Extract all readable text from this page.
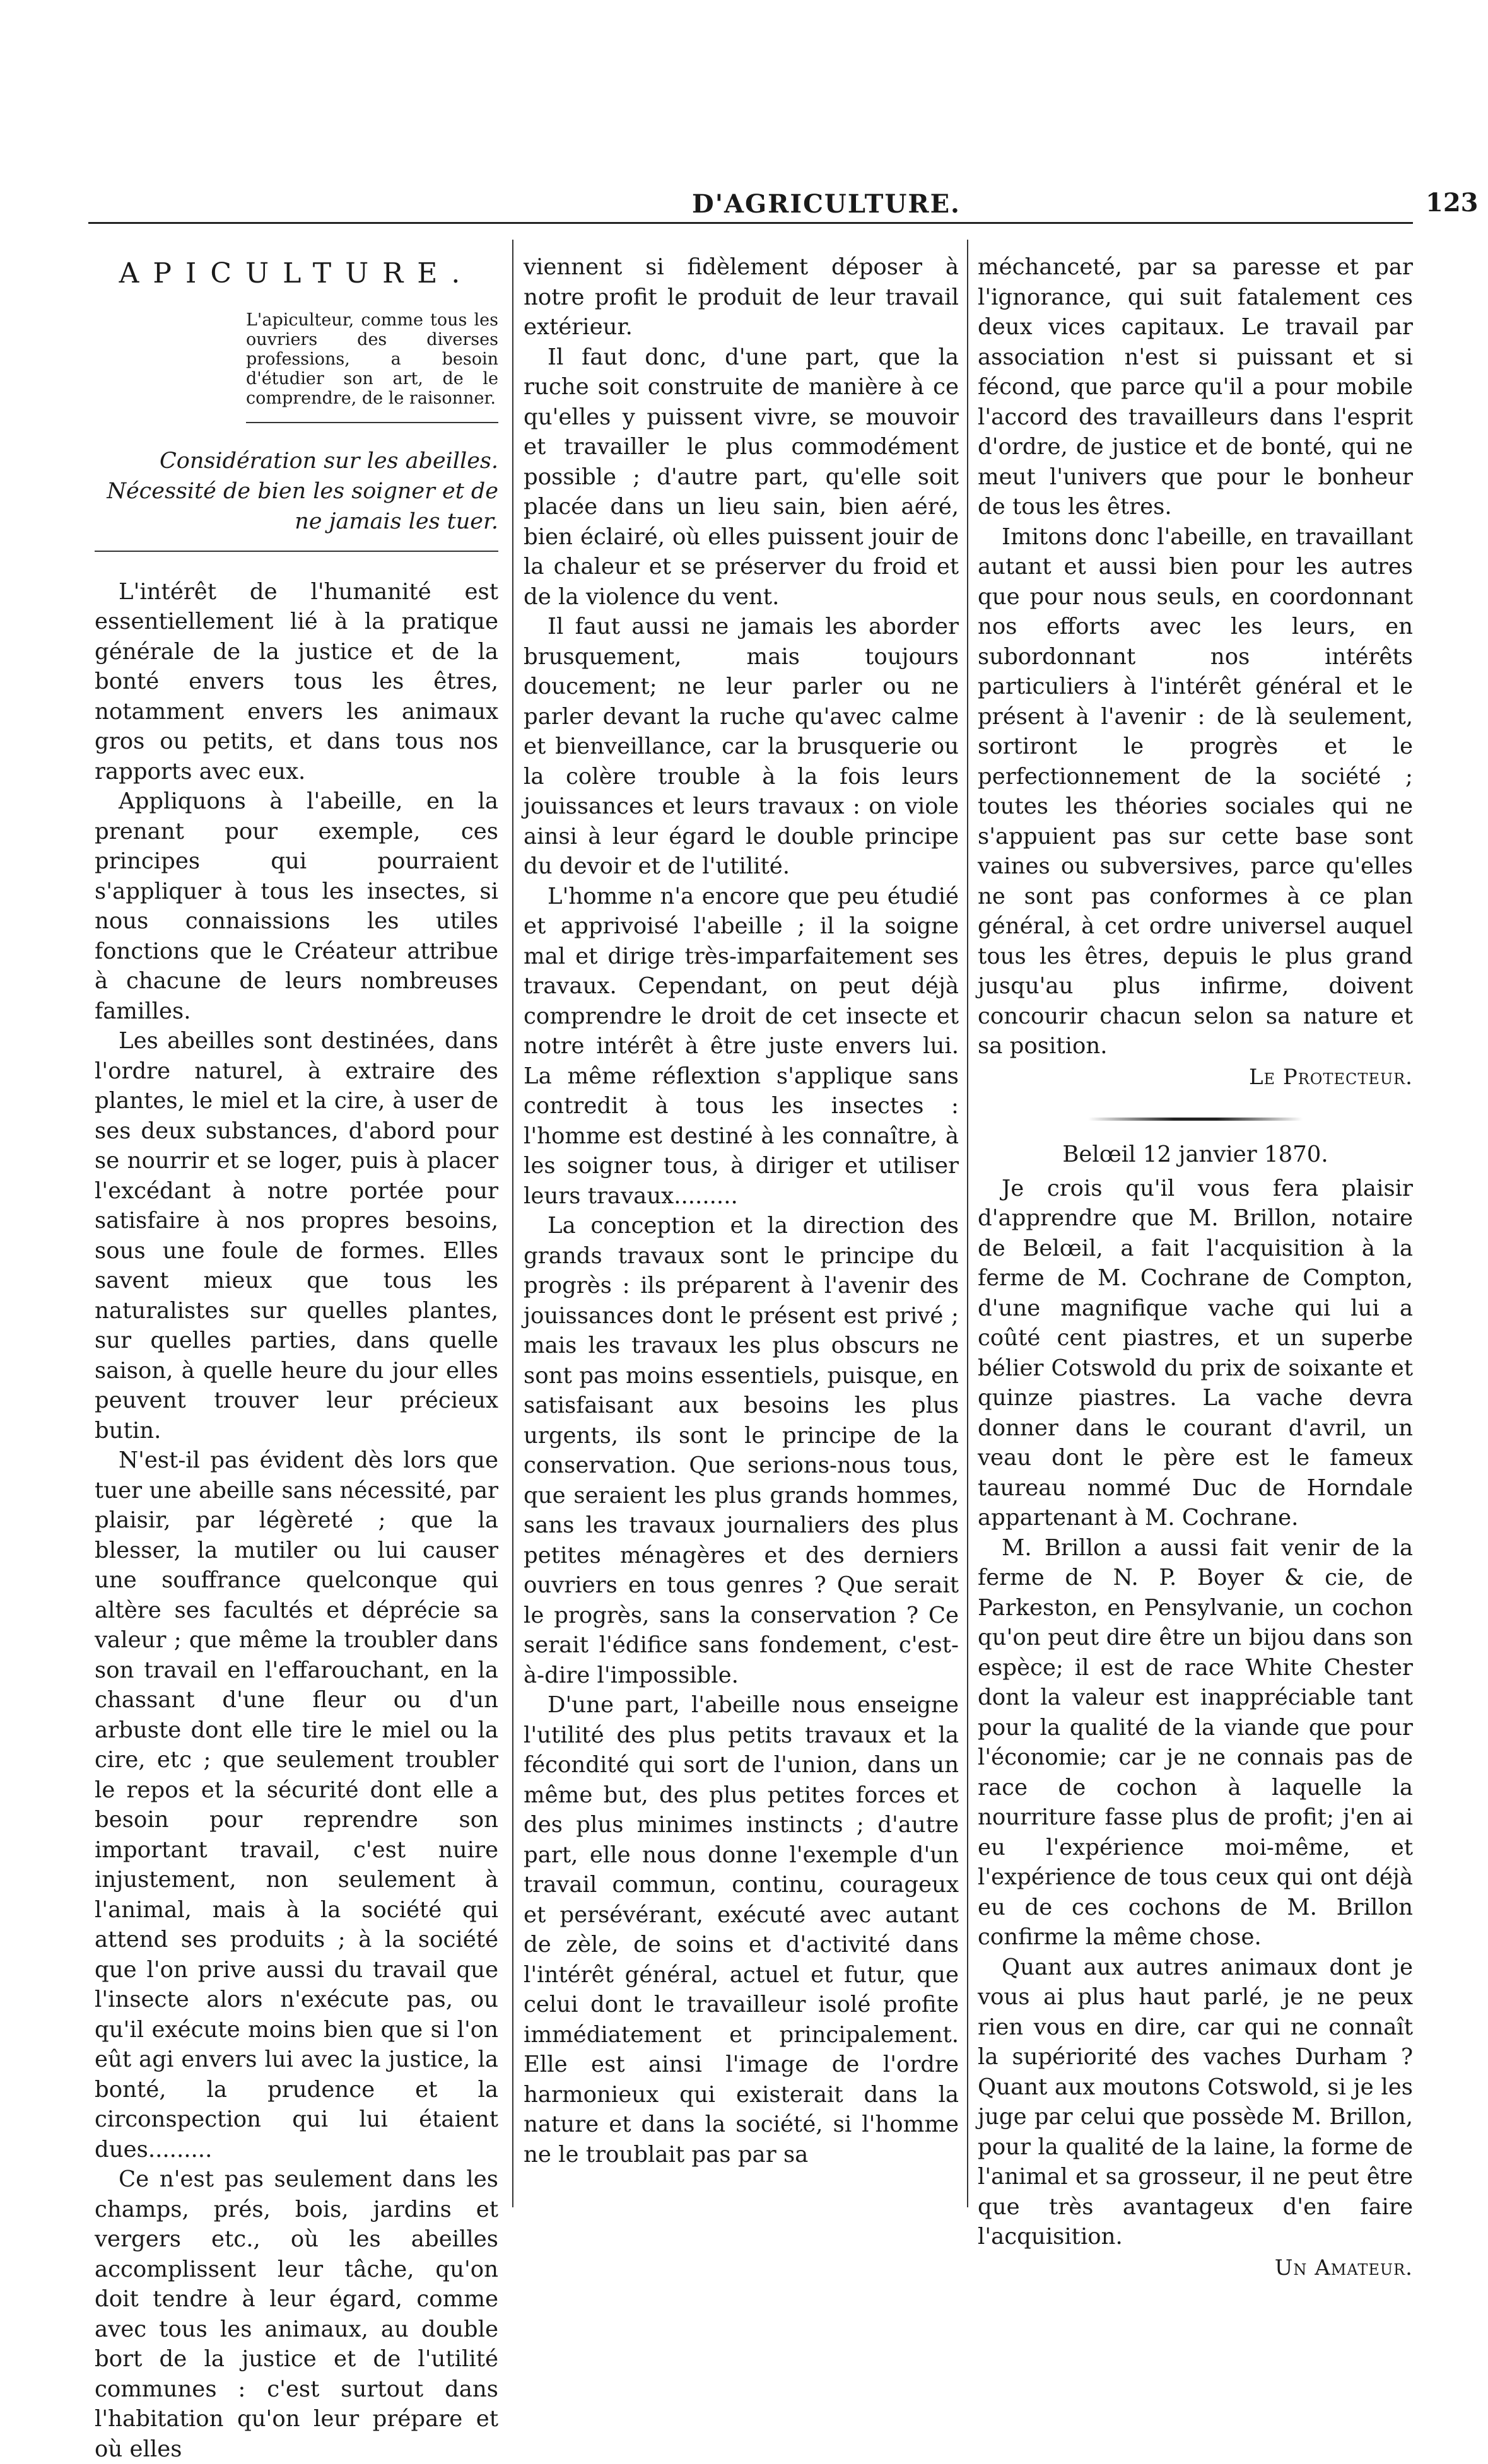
D'AGRICULTURE.	123
APICULTURE.
L'apiculteur, comme tous les ouvriers des diverses professions, a besoin d'étudier son art, de le comprendre, de le raisonner.
Considération sur les abeilles. Nécessité de bien les soigner et de ne jamais les tuer.

L'intérêt de l'humanité est essentiellement lié à la pratique générale de la justice et de la bonté envers tous les êtres, notamment envers les animaux gros ou petits, et dans tous nos rapports avec eux.

Appliquons à l'abeille, en la prenant pour exemple, ces principes qui pourraient s'appliquer à tous les insectes, si nous connaissions les utiles fonctions que le Créateur attribue à chacune de leurs nombreuses familles.

Les abeilles sont destinées, dans l'ordre naturel, à extraire des plantes, le miel et la cire, à user de ses deux substances, d'abord pour se nourrir et se loger, puis à placer l'excédant à notre portée pour satisfaire à nos propres besoins, sous une foule de formes. Elles savent mieux que tous les naturalistes sur quelles plantes, sur quelles parties, dans quelle saison, à quelle heure du jour elles peuvent trouver leur précieux butin.

N'est-il pas évident dès lors que tuer une abeille sans nécessité, par plaisir, par légèreté ; que la blesser, la mutiler ou lui causer une souffrance quelconque qui altère ses facultés et déprécie sa valeur ; que même la troubler dans son travail en l'effarouchant, en la chassant d'une fleur ou d'un arbuste dont elle tire le miel ou la cire, etc ; que seulement troubler le repos et la sécurité dont elle a besoin pour reprendre son important travail, c'est nuire injustement, non seulement à l'animal, mais à la société qui attend ses produits ; à la société que l'on prive aussi du travail que l'insecte alors n'exécute pas, ou qu'il exécute moins bien que si l'on eût agi envers lui avec la justice, la bonté, la prudence et la circonspection qui lui étaient dues.........

Ce n'est pas seulement dans les champs, prés, bois, jardins et vergers etc., où les abeilles accomplissent leur tâche, qu'on doit tendre à leur égard, comme avec tous les animaux, au double bort de la justice et de l'utilité communes : c'est surtout dans l'habitation qu'on leur prépare et où elles

viennent si fidèlement déposer à notre profit le produit de leur travail extérieur.

Il faut donc, d'une part, que la ruche soit construite de manière à ce qu'elles y puissent vivre, se mouvoir et travailler le plus commodément possible ; d'autre part, qu'elle soit placée dans un lieu sain, bien aéré, bien éclairé, où elles puissent jouir de la chaleur et se préserver du froid et de la violence du vent.

Il faut aussi ne jamais les aborder brusquement, mais toujours doucement; ne leur parler ou ne parler devant la ruche qu'avec calme et bienveillance, car la brusquerie ou la colère trouble à la fois leurs jouissances et leurs travaux : on viole ainsi à leur égard le double principe du devoir et de l'utilité.

L'homme n'a encore que peu étudié et apprivoisé l'abeille ; il la soigne mal et dirige très-imparfaitement ses travaux. Cependant, on peut déjà comprendre le droit de cet insecte et notre intérêt à être juste envers lui. La même réflextion s'applique sans contredit à tous les insectes : l'homme est destiné à les connaître, à les soigner tous, à diriger et utiliser leurs travaux.........

La conception et la direction des grands travaux sont le principe du progrès : ils préparent à l'avenir des jouissances dont le présent est privé ; mais les travaux les plus obscurs ne sont pas moins essentiels, puisque, en satisfaisant aux besoins les plus urgents, ils sont le principe de la conservation. Que serions-nous tous, que seraient les plus grands hommes, sans les travaux journaliers des plus petites ménagères et des derniers ouvriers en tous genres ? Que serait le progrès, sans la conservation ? Ce serait l'édifice sans fondement, c'est-à-dire l'impossible.

D'une part, l'abeille nous enseigne l'utilité des plus petits travaux et la fécondité qui sort de l'union, dans un même but, des plus petites forces et des plus minimes instincts ; d'autre part, elle nous donne l'exemple d'un travail commun, continu, courageux et persévérant, exécuté avec autant de zèle, de soins et d'activité dans l'intérêt général, actuel et futur, que celui dont le travailleur isolé profite immédiatement et principalement. Elle est ainsi l'image de l'ordre harmonieux qui existerait dans la nature et dans la société, si l'homme ne le troublait pas par sa

méchanceté, par sa paresse et par l'ignorance, qui suit fatalement ces deux vices capitaux. Le travail par association n'est si puissant et si fécond, que parce qu'il a pour mobile l'accord des travailleurs dans l'esprit d'ordre, de justice et de bonté, qui ne meut l'univers que pour le bonheur de tous les êtres.

Imitons donc l'abeille, en travaillant autant et aussi bien pour les autres que pour nous seuls, en coordonnant nos efforts avec les leurs, en subordonnant nos intérêts particuliers à l'intérêt général et le présent à l'avenir : de là seulement, sortiront le progrès et le perfectionnement de la société ; toutes les théories sociales qui ne s'appuient pas sur cette base sont vaines ou subversives, parce qu'elles ne sont pas conformes à ce plan général, à cet ordre universel auquel tous les êtres, depuis le plus grand jusqu'au plus infirme, doivent concourir chacun selon sa nature et sa position.

Le Protecteur.
Belœil 12 janvier 1870.

Je crois qu'il vous fera plaisir d'apprendre que M. Brillon, notaire de Belœil, a fait l'acquisition à la ferme de M. Cochrane de Compton, d'une magnifique vache qui lui a coûté cent piastres, et un superbe bélier Cotswold du prix de soixante et quinze piastres. La vache devra donner dans le courant d'avril, un veau dont le père est le fameux taureau nommé Duc de Horndale appartenant à M. Cochrane.

M. Brillon a aussi fait venir de la ferme de N. P. Boyer & cie, de Parkeston, en Pensylvanie, un cochon qu'on peut dire être un bijou dans son espèce; il est de race White Chester dont la valeur est inappréciable tant pour la qualité de la viande que pour l'économie; car je ne connais pas de race de cochon à laquelle la nourriture fasse plus de profit; j'en ai eu l'expérience moi-même, et l'expérience de tous ceux qui ont déjà eu de ces cochons de M. Brillon confirme la même chose.

Quant aux autres animaux dont je vous ai plus haut parlé, je ne peux rien vous en dire, car qui ne connaît la supériorité des vaches Durham ? Quant aux moutons Cotswold, si je les juge par celui que possède M. Brillon, pour la qualité de la laine, la forme de l'animal et sa grosseur, il ne peut être que très avantageux d'en faire l'acquisition.

Un Amateur.
